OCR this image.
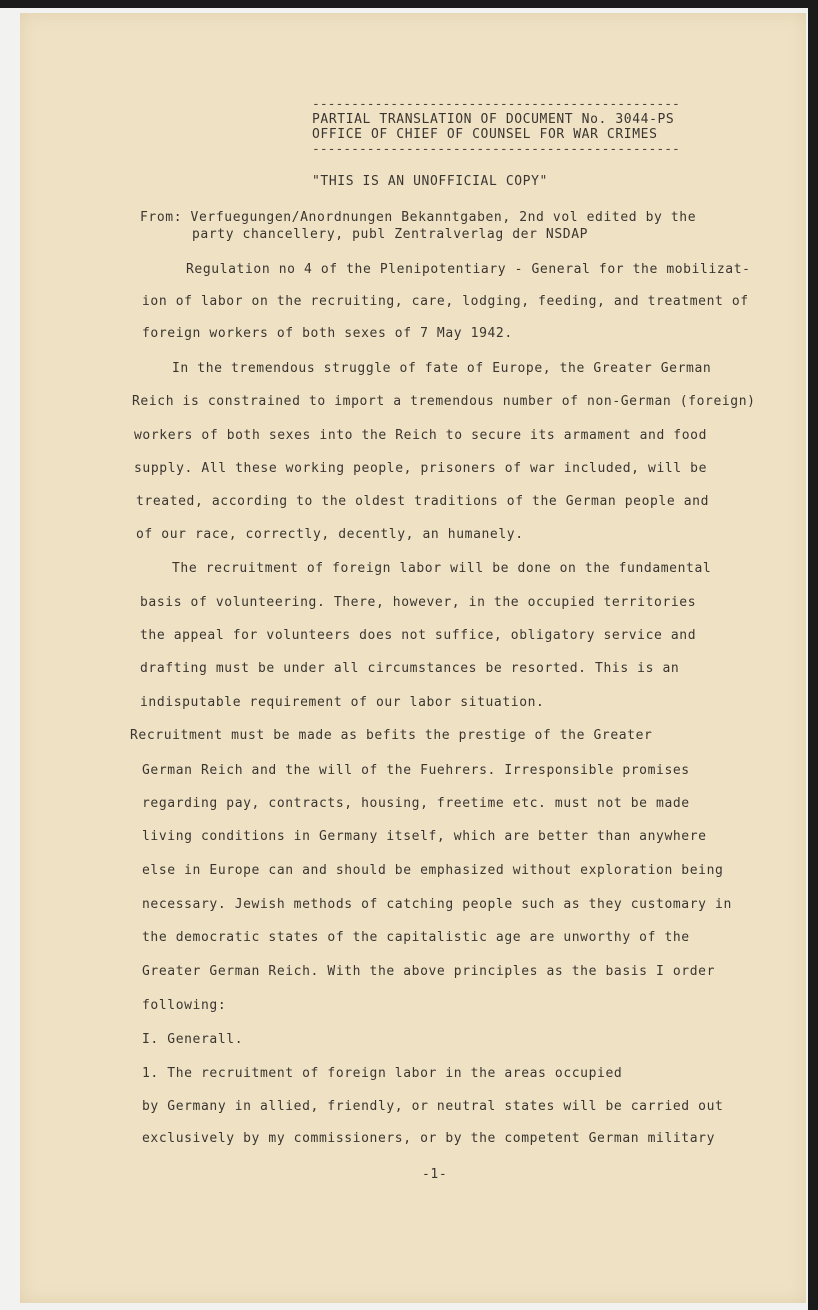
-----------------------------------------------

PARTIAL TRANSLATION OF DOCUMENT No. 3044-PS

OFFICE OF CHIEF OF COUNSEL FOR WAR CRIMES

-----------------------------------------------

"THIS IS AN UNOFFICIAL COPY"

From: Verfuegungen/Anordnungen Bekanntgaben, 2nd vol edited by the

party chancellery, publ Zentralverlag der NSDAP

Regulation no 4 of the Plenipotentiary - General for the mobilizat-

ion of labor on the recruiting, care, lodging, feeding, and treatment of

foreign workers of both sexes of 7 May 1942.

In the tremendous struggle of fate of Europe, the Greater German

Reich is constrained to import a tremendous number of non-German (foreign)

workers of both sexes into the Reich to secure its armament and food

supply. All these working people, prisoners of war included, will be

treated, according to the oldest traditions of the German people and

of our race, correctly, decently, an humanely.

The recruitment of foreign labor will be done on the fundamental

basis of volunteering. There, however, in the occupied territories

the appeal for volunteers does not suffice, obligatory service and

drafting must be under all circumstances be resorted. This is an

indisputable requirement of our labor situation.

Recruitment must be made as befits the prestige of the Greater

German Reich and the will of the Fuehrers. Irresponsible promises

regarding pay, contracts, housing, freetime etc. must not be made

living conditions in Germany itself, which are better than anywhere

else in Europe can and should be emphasized without exploration being

necessary. Jewish methods of catching people such as they customary in

the democratic states of the capitalistic age are unworthy of the

Greater German Reich. With the above principles as the basis I order

following:

I. Generall.

1. The recruitment of foreign labor in the areas occupied

by Germany in allied, friendly, or neutral states will be carried out

exclusively by my commissioners, or by the competent German military

-1-
